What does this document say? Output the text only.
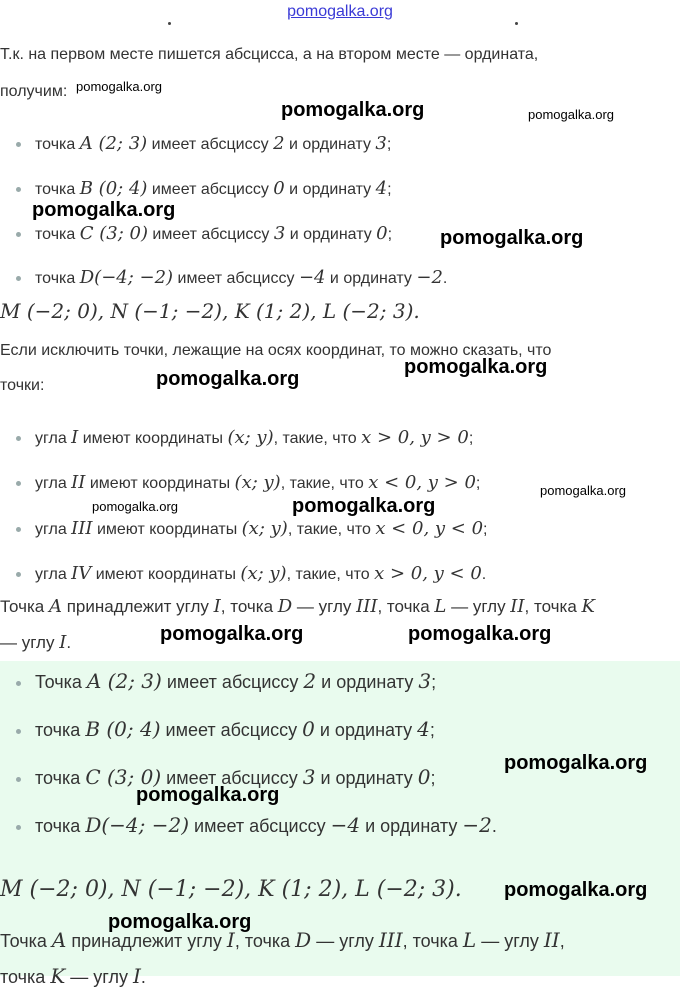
pomogalka.org
Т.к. на первом месте пишется абсцисса, а на втором месте — ордината,
получим:
точка A (2; 3) имеет абсциссу 2 и ординату 3;
точка B (0; 4) имеет абсциссу 0 и ординату 4;
точка C (3; 0) имеет абсциссу 3 и ординату 0;
точка D(−4; −2) имеет абсциссу −4 и ординату −2.
M (−2; 0), N (−1; −2), K (1; 2), L (−2; 3).
Если исключить точки, лежащие на осях координат, то можно сказать, что
точки:
угла I имеют координаты (x; y), такие, что x > 0, y > 0;
угла II имеют координаты (x; y), такие, что x < 0, y > 0;
угла III имеют координаты (x; y), такие, что x < 0, y < 0;
угла IV имеют координаты (x; y), такие, что x > 0, y < 0.
Точка A принадлежит углу I, точка D — углу III, точка L — углу II, точка K
— углу I.
Точка A (2; 3) имеет абсциссу 2 и ординату 3;
точка B (0; 4) имеет абсциссу 0 и ординату 4;
точка C (3; 0) имеет абсциссу 3 и ординату 0;
точка D(−4; −2) имеет абсциссу −4 и ординату −2.
M (−2; 0), N (−1; −2), K (1; 2), L (−2; 3).
Точка A принадлежит углу I, точка D — углу III, точка L — углу II,
точка K — углу I.
pomogalka.org
pomogalka.org	pomogalka.org
pomogalka.org
pomogalka.org
pomogalka.org
pomogalka.org
pomogalka.org
pomogalka.org
pomogalka.org
pomogalka.org	pomogalka.org
pomogalka.org
pomogalka.org
pomogalka.org
pomogalka.org
